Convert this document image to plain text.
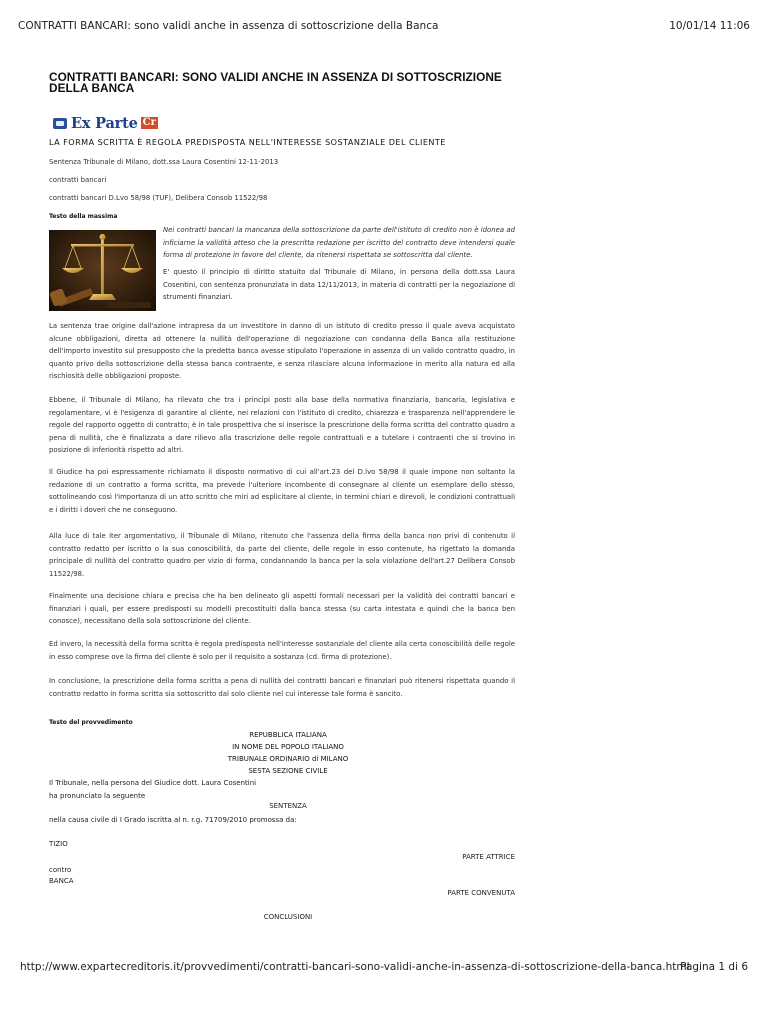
CONTRATTI BANCARI: sono validi anche in assenza di sottoscrizione della Banca	10/01/14 11:06
CONTRATTI BANCARI: SONO VALIDI ANCHE IN ASSENZA DI SOTTOSCRIZIONE DELLA BANCA
Ex Parte Cr
LA FORMA SCRITTA È REGOLA PREDISPOSTA NELL'INTERESSE SOSTANZIALE DEL CLIENTE
Sentenza Tribunale di Milano, dott.ssa Laura Cosentini 12-11-2013
contratti bancari
contratti bancari D.Lvo 58/98 (TUF), Delibera Consob 11522/98
Testo della massima

Nei contratti bancari la mancanza della sottoscrizione da parte dell'istituto di credito non è idonea ad inficiarne la validità atteso che la prescritta redazione per iscritto del contratto deve intendersi quale forma di protezione in favore del cliente, da ritenersi rispettata se sottoscritta dal cliente.

E' questo il principio di diritto statuito dal Tribunale di Milano, in persona della dott.ssa Laura Cosentini, con sentenza pronunziata in data 12/11/2013, in materia di contratti per la negoziazione di strumenti finanziari.

La sentenza trae origine dall'azione intrapresa da un investitore in danno di un istituto di credito presso il quale aveva acquistato alcune obbligazioni, diretta ad ottenere la nullità dell'operazione di negoziazione con condanna della Banca alla restituzione dell'importo investito sul presupposto che la predetta banca avesse stipulato l'operazione in assenza di un valido contratto quadro, in quanto privo della sottoscrizione della stessa banca contraente, e senza rilasciare alcuna informazione in merito alla natura ed alla rischiosità delle obbligazioni proposte.

Ebbene, il Tribunale di Milano, ha rilevato che tra i principi posti alla base della normativa finanziaria, bancaria, legislativa e regolamentare, vi è l'esigenza di garantire al cliente, nei relazioni con l'istituto di credito, chiarezza e trasparenza nell'apprendere le regole del rapporto oggetto di contratto; è in tale prospettiva che si inserisce la prescrizione della forma scritta del contratto quadro a pena di nullità, che è finalizzata a dare rilievo alla trascrizione delle regole contrattuali e a tutelare i contraenti che si trovino in posizione di inferiorità rispetto ad altri.

Il Giudice ha poi espressamente richiamato il disposto normativo di cui all'art.23 del D.lvo 58/98 il quale impone non soltanto la redazione di un contratto a forma scritta, ma prevede l'ulteriore incombente di consegnare al cliente un esemplare dello stesso, sottolineando così l'importanza di un atto scritto che miri ad esplicitare al cliente, in termini chiari e direvoli, le condizioni contrattuali e i diritti i doveri che ne conseguono.

Alla luce di tale iter argomentativo, il Tribunale di Milano, ritenuto che l'assenza della firma della banca non privi di contenuto il contratto redatto per iscritto o la sua conoscibilità, da parte del cliente, delle regole in esso contenute, ha rigettato la domanda principale di nullità del contratto quadro per vizio di forma, condannando la banca per la sola violazione dell'art.27 Delibera Consob 11522/98.

Finalmente una decisione chiara e precisa che ha ben delineato gli aspetti formali necessari per la validità dei contratti bancari e finanziari i quali, per essere predisposti su modelli precostituiti dalla banca stessa (su carta intestata e quindi che la banca ben conosce), necessitano della sola sottoscrizione del cliente.

Ed invero, la necessità della forma scritta è regola predisposta nell'interesse sostanziale del cliente alla certa conoscibilità delle regole in esso comprese ove la firma del cliente è solo per il requisito a sostanza (cd. firma di protezione).

In conclusione, la prescrizione della forma scritta a pena di nullità dei contratti bancari e finanziari può ritenersi rispettata quando il contratto redatto in forma scritta sia sottoscritto dal solo cliente nel cui interesse tale forma è sancito.

Testo del provvedimento
REPUBBLICA ITALIANA
IN NOME DEL POPOLO ITALIANO
TRIBUNALE ORDINARIO di MILANO
SESTA SEZIONE CIVILE
Il Tribunale, nella persona del Giudice dott. Laura Cosentini
ha pronunciato la seguente
SENTENZA
nella causa civile di I Grado iscritta al n. r.g. 71709/2010 promossa da:
TIZIO
PARTE ATTRICE
contro
BANCA
PARTE CONVENUTA
CONCLUSIONI
http://www.expartecreditoris.it/provvedimenti/contratti-bancari-sono-validi-anche-in-assenza-di-sottoscrizione-della-banca.html
Pagina 1 di 6
